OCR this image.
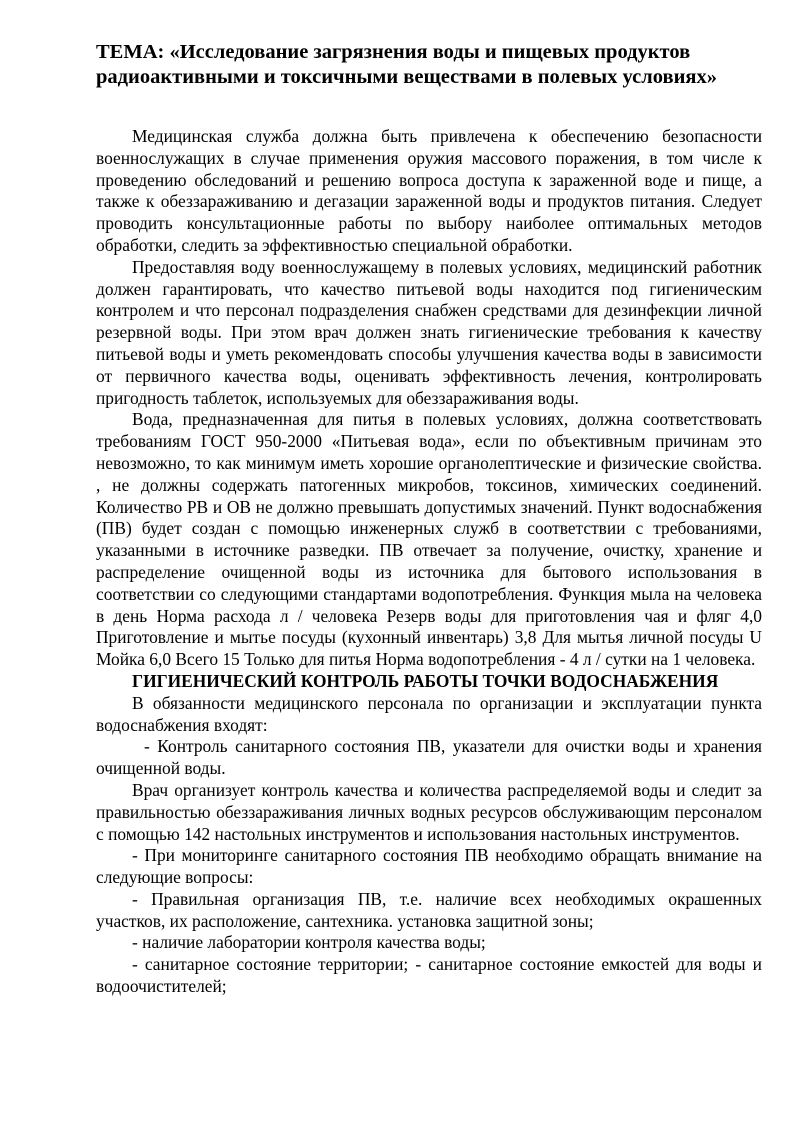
ТЕМА: «Исследование загрязнения воды и пищевых продуктов радиоактивными и токсичными веществами в полевых условиях»

Медицинская служба должна быть привлечена к обеспечению безопасности военнослужащих в случае применения оружия массового поражения, в том числе к проведению обследований и решению вопроса доступа к зараженной воде и пище, а также к обеззараживанию и дегазации зараженной воды и продуктов питания. Следует проводить консультационные работы по выбору наиболее оптимальных методов обработки, следить за эффективностью специальной обработки.

Предоставляя воду военнослужащему в полевых условиях, медицинский работник должен гарантировать, что качество питьевой воды находится под гигиеническим контролем и что персонал подразделения снабжен средствами для дезинфекции личной резервной воды. При этом врач должен знать гигиенические требования к качеству питьевой воды и уметь рекомендовать способы улучшения качества воды в зависимости от первичного качества воды, оценивать эффективность лечения, контролировать пригодность таблеток, используемых для обеззараживания воды.

Вода, предназначенная для питья в полевых условиях, должна соответствовать требованиям ГОСТ 950-2000 «Питьевая вода», если по объективным причинам это невозможно, то как минимум иметь хорошие органолептические и физические свойства. , не должны содержать патогенных микробов, токсинов, химических соединений. Количество РВ и ОВ не должно превышать допустимых значений. Пункт водоснабжения (ПВ) будет создан с помощью инженерных служб в соответствии с требованиями, указанными в источнике разведки. ПВ отвечает за получение, очистку, хранение и распределение очищенной воды из источника для бытового использования в соответствии со следующими стандартами водопотребления. Функция мыла на человека в день Норма расхода л / человека Резерв воды для приготовления чая и фляг 4,0 Приготовление и мытье посуды (кухонный инвентарь) 3,8 Для мытья личной посуды U Мойка 6,0 Всего 15 Только для питья Норма водопотребления - 4 л / сутки на 1 человека.

ГИГИЕНИЧЕСКИЙ КОНТРОЛЬ РАБОТЫ ТОЧКИ ВОДОСНАБЖЕНИЯ

В обязанности медицинского персонала по организации и эксплуатации пункта водоснабжения входят:

- Контроль санитарного состояния ПВ, указатели для очистки воды и хранения очищенной воды.

Врач организует контроль качества и количества распределяемой воды и следит за правильностью обеззараживания личных водных ресурсов обслуживающим персоналом с помощью 142 настольных инструментов и использования настольных инструментов.

- При мониторинге санитарного состояния ПВ необходимо обращать внимание на следующие вопросы:

- Правильная организация ПВ, т.е. наличие всех необходимых окрашенных участков, их расположение, сантехника. установка защитной зоны;

- наличие лаборатории контроля качества воды;

- санитарное состояние территории; - санитарное состояние емкостей для воды и водоочистителей;
